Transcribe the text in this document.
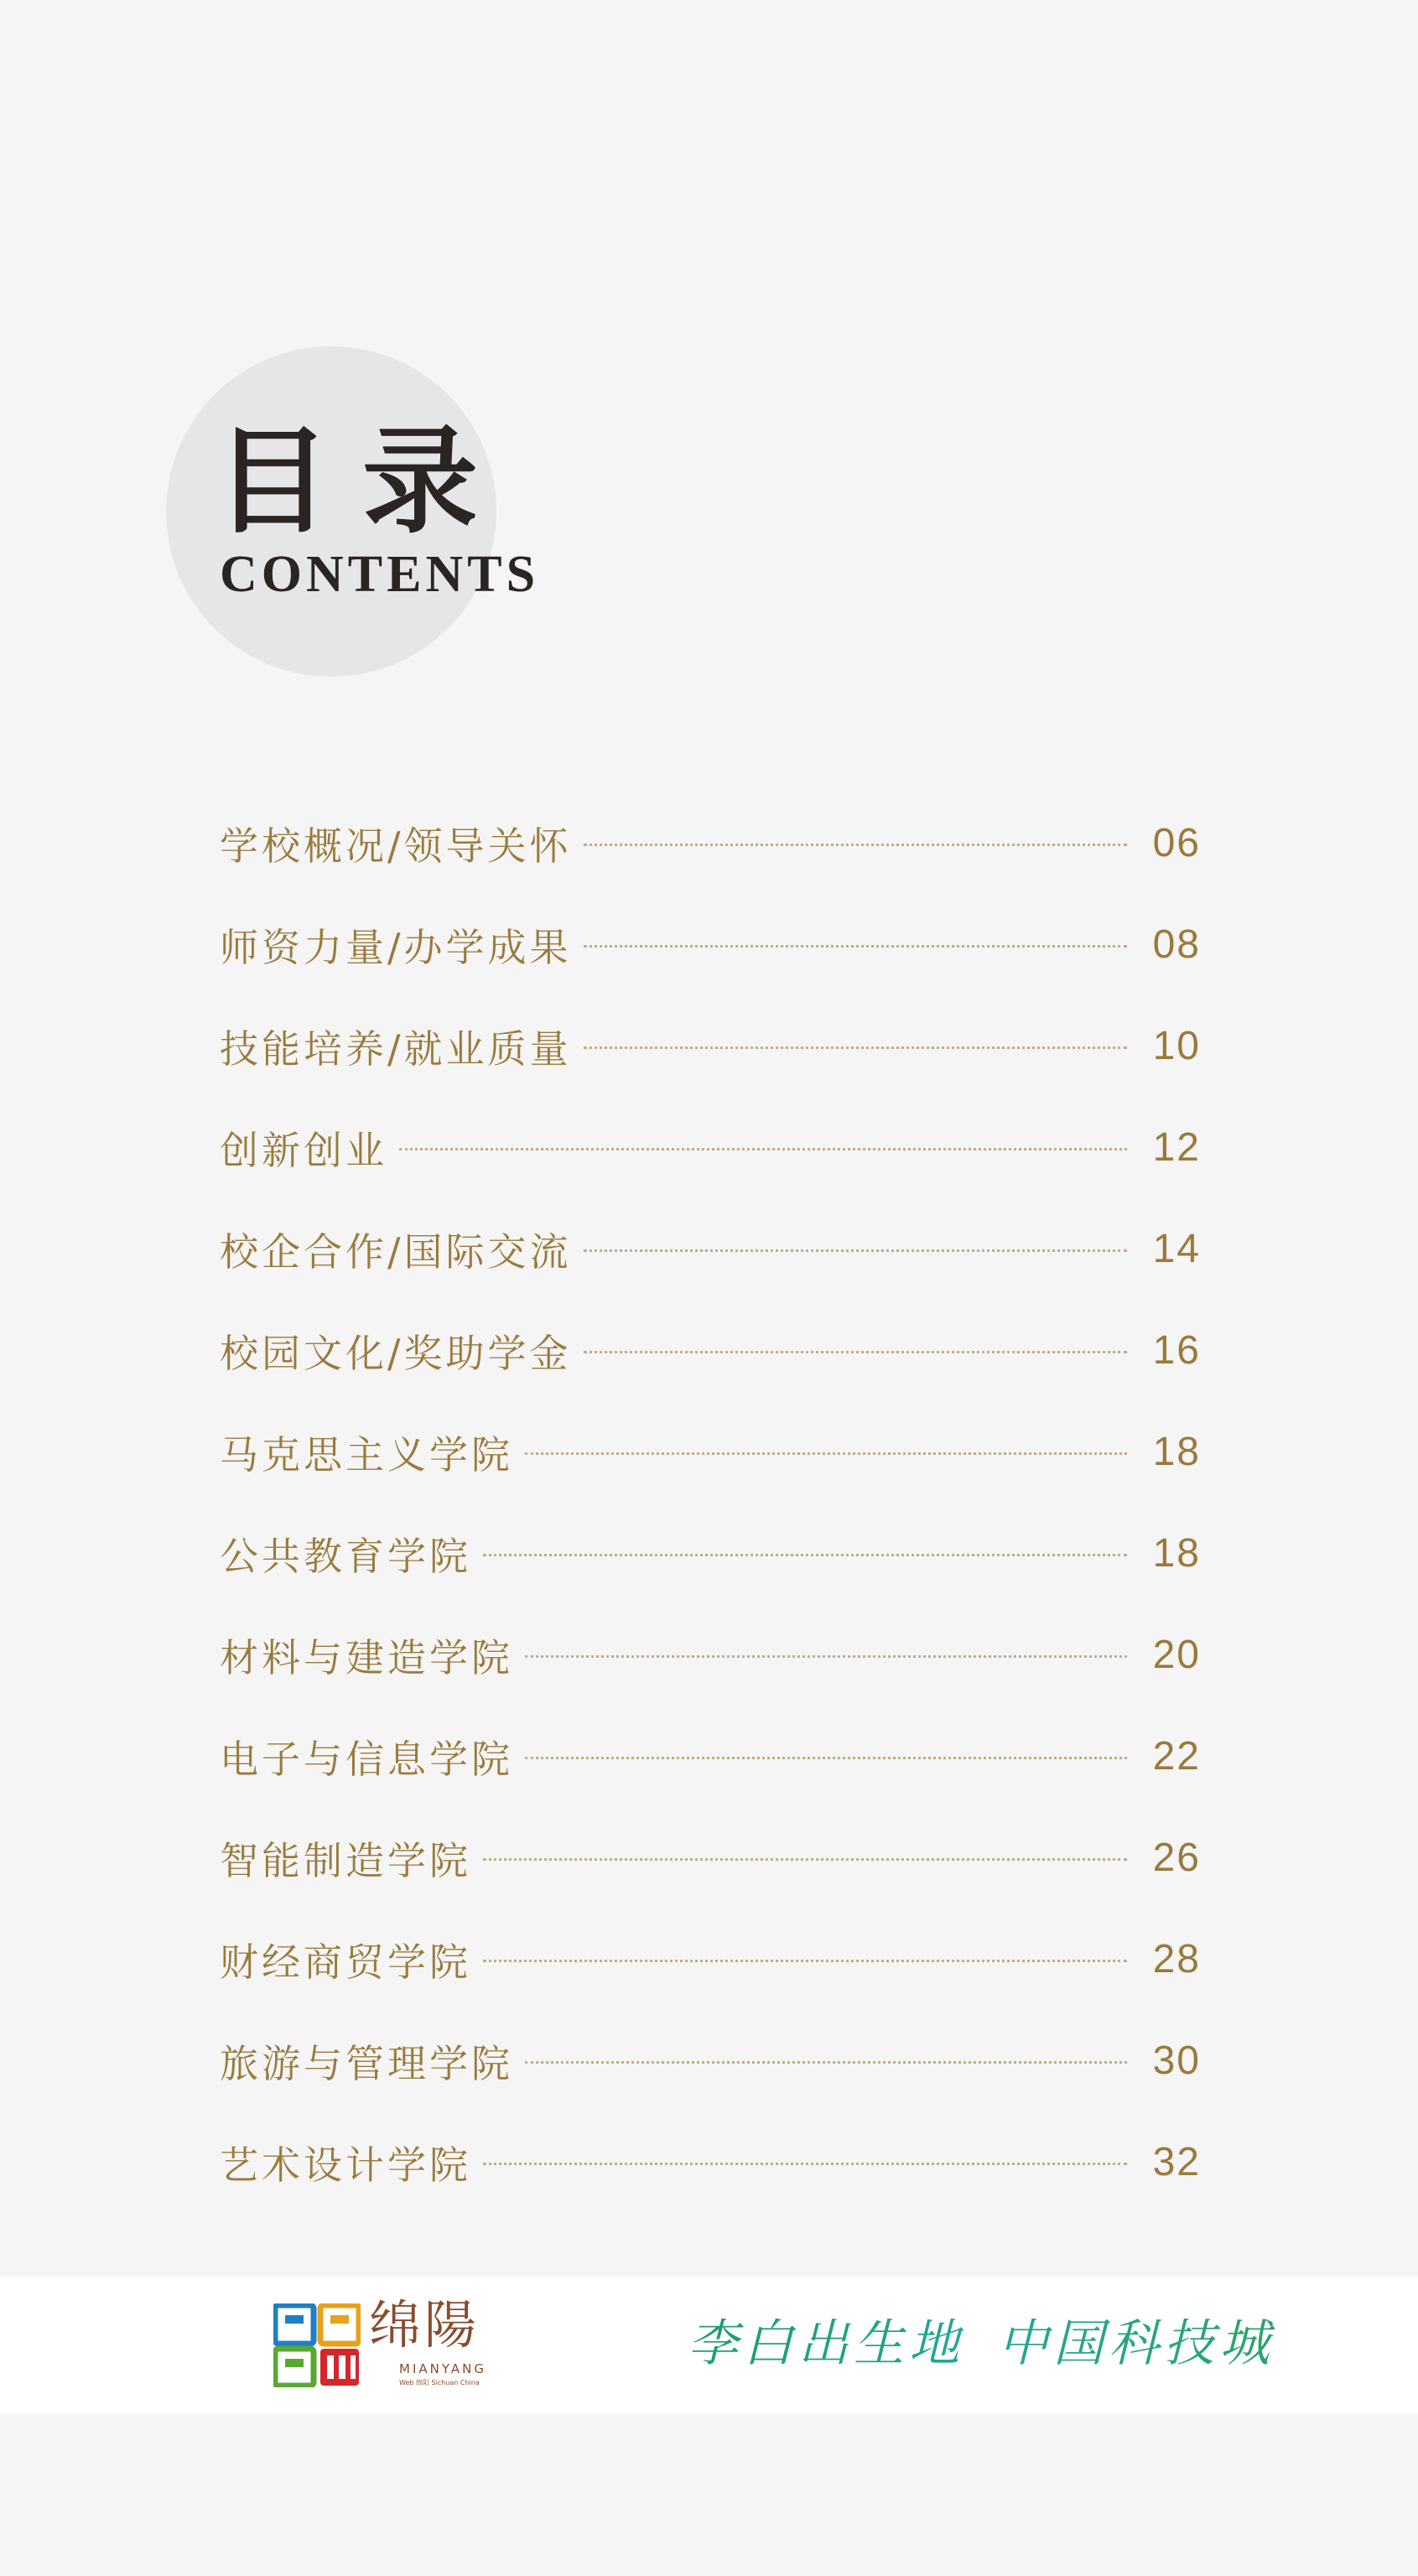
目录
CONTENTS
学校概况/领导关怀	06
师资力量/办学成果	08
技能培养/就业质量	10
创新创业	12
校企合作/国际交流	14
校园文化/奖助学金	16
马克思主义学院	18
公共教育学院	18
材料与建造学院	20
电子与信息学院	22
智能制造学院	26
财经商贸学院	28
旅游与管理学院	30
艺术设计学院	32
绵陽
MIANYANG
Web 绵阳 Sichuan China
李白出生地 中国科技城
